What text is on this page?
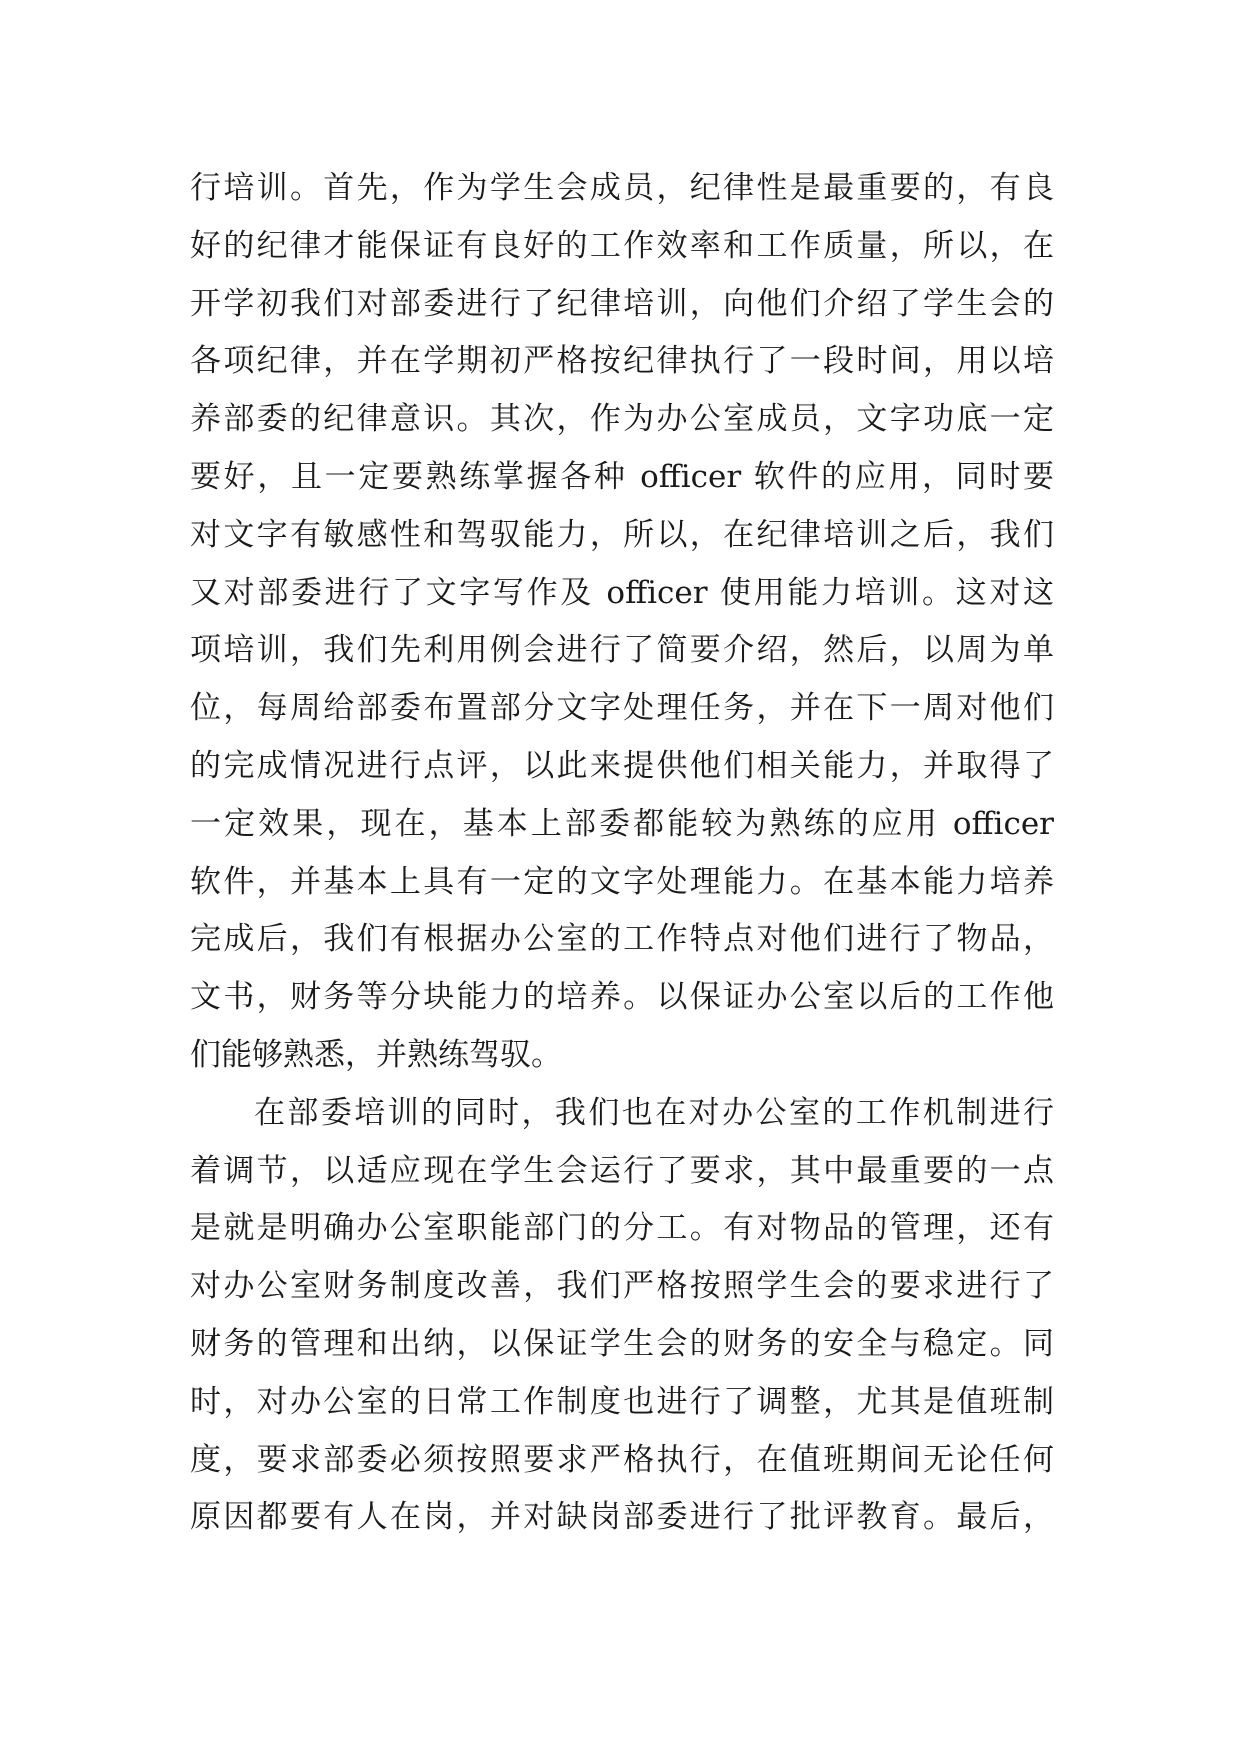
行培训。首先，作为学生会成员，纪律性是最重要的，有良
好的纪律才能保证有良好的工作效率和工作质量，所以，在
开学初我们对部委进行了纪律培训，向他们介绍了学生会的
各项纪律，并在学期初严格按纪律执行了一段时间，用以培
养部委的纪律意识。其次，作为办公室成员，文字功底一定
要好，且一定要熟练掌握各种 officer 软件的应用，同时要
对文字有敏感性和驾驭能力，所以，在纪律培训之后，我们
又对部委进行了文字写作及 officer 使用能力培训。这对这
项培训，我们先利用例会进行了简要介绍，然后，以周为单
位，每周给部委布置部分文字处理任务，并在下一周对他们
的完成情况进行点评，以此来提供他们相关能力，并取得了
一定效果，现在，基本上部委都能较为熟练的应用 officer
软件，并基本上具有一定的文字处理能力。在基本能力培养
完成后，我们有根据办公室的工作特点对他们进行了物品，
文书，财务等分块能力的培养。以保证办公室以后的工作他
们能够熟悉，并熟练驾驭。
在部委培训的同时，我们也在对办公室的工作机制进行
着调节，以适应现在学生会运行了要求，其中最重要的一点
是就是明确办公室职能部门的分工。有对物品的管理，还有
对办公室财务制度改善，我们严格按照学生会的要求进行了
财务的管理和出纳，以保证学生会的财务的安全与稳定。同
时，对办公室的日常工作制度也进行了调整，尤其是值班制
度，要求部委必须按照要求严格执行，在值班期间无论任何
原因都要有人在岗，并对缺岗部委进行了批评教育。最后，
